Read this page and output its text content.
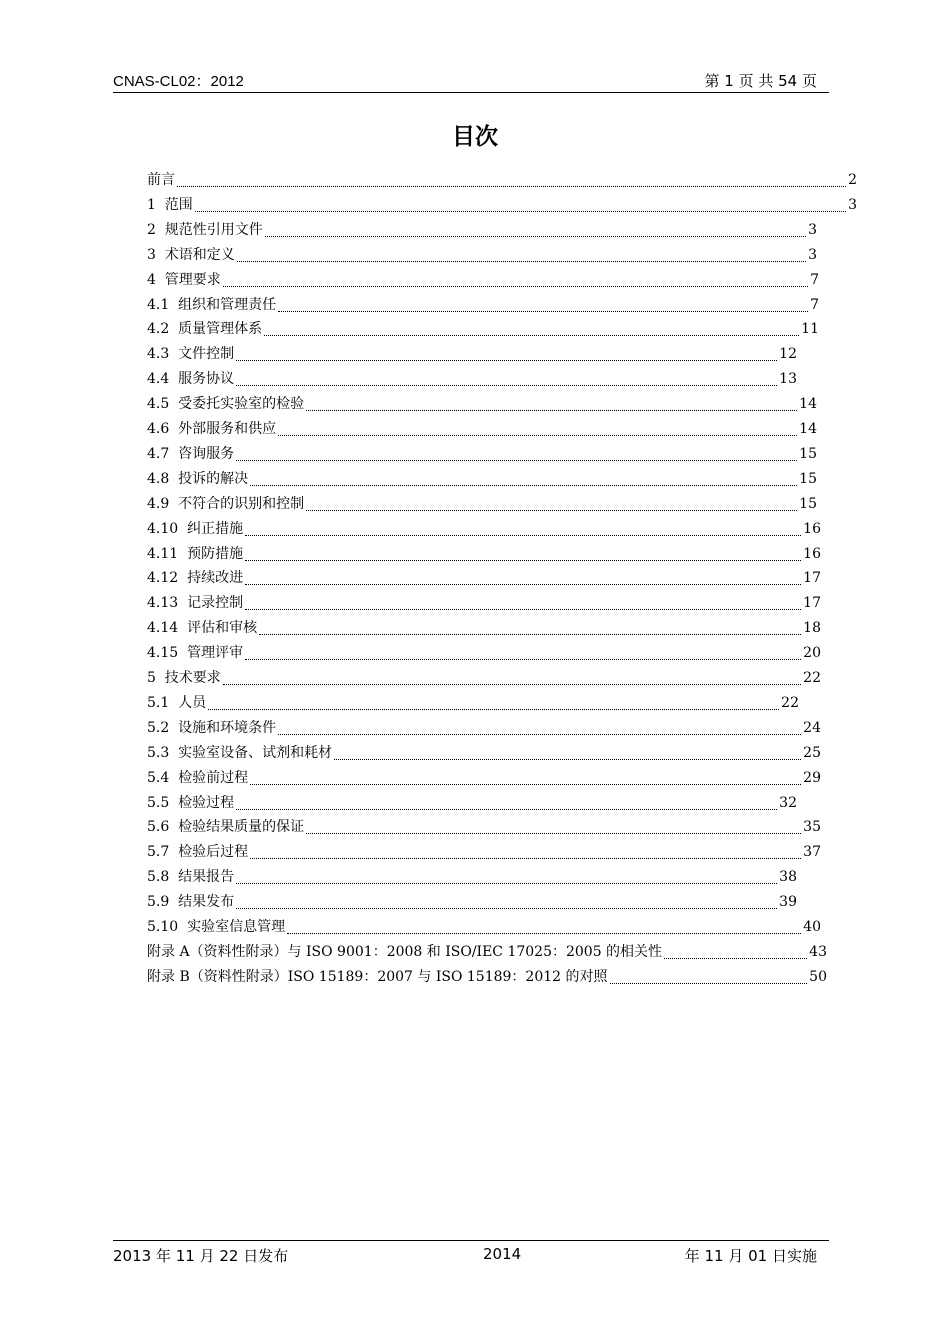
CNAS-CL02：2012	第 1 页 共 54 页
目次
前言	2
1  范围	3
2  规范性引用文件	3
3  术语和定义	3
4  管理要求	7
4.1  组织和管理责任	7
4.2  质量管理体系	11
4.3  文件控制	12
4.4  服务协议	13
4.5  受委托实验室的检验	14
4.6  外部服务和供应	14
4.7  咨询服务	15
4.8  投诉的解决	15
4.9  不符合的识别和控制	15
4.10  纠正措施	16
4.11  预防措施	16
4.12  持续改进	17
4.13  记录控制	17
4.14  评估和审核	18
4.15  管理评审	20
5  技术要求	22
5.1  人员	22
5.2  设施和环境条件	24
5.3  实验室设备、试剂和耗材	25
5.4  检验前过程	29
5.5  检验过程	32
5.6  检验结果质量的保证	35
5.7  检验后过程	37
5.8  结果报告	38
5.9  结果发布	39
5.10  实验室信息管理	40
附录 A（资料性附录）与 ISO 9001：2008 和 ISO/IEC 17025：2005 的相关性	43
附录 B（资料性附录）ISO 15189：2007 与 ISO 15189：2012 的对照	50
2013 年 11 月 22 日发布	2014	年 11 月 01 日实施
